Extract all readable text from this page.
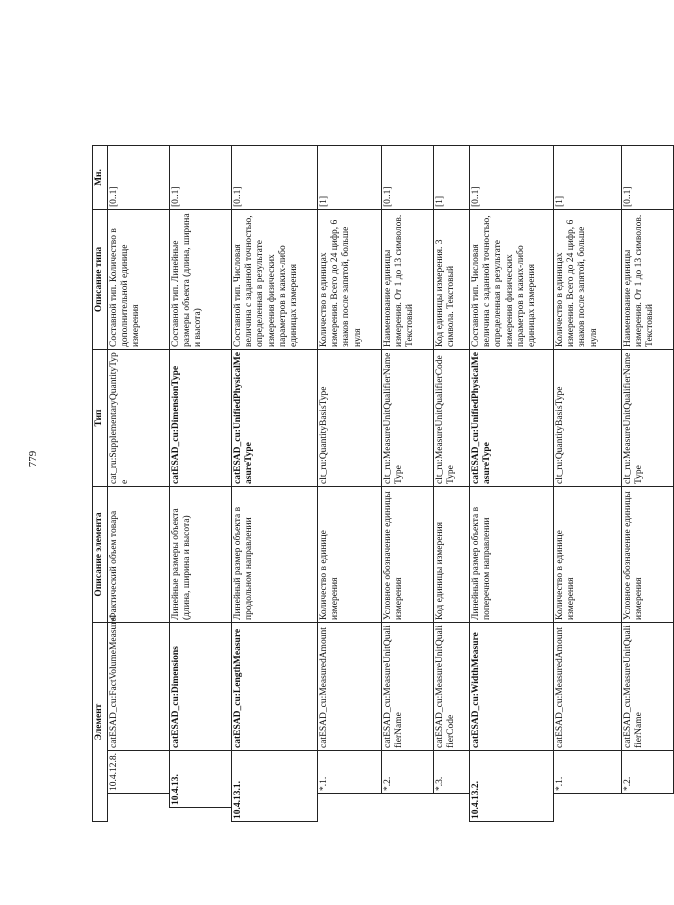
779
Элемент				Описание элемента	Тип	Описание типа	Мн.	
		10.4.12.8.	catESAD_cu:FactVolumeMeasure	Фактический объем товара	cat_ru:SupplementaryQuantityType	Составной тип. Количество в дополнительной единице измерения	[0..1]	
	10.4.13.		catESAD_cu:Dimensions	Линейные размеры объекта (длина, ширина и высота)	catESAD_cu:DimensionType	Составной тип. Линейные размеры объекта (длина, ширина и высота)	[0..1]	
10.4.13.1.			catESAD_cu:LengthMeasure	Линейный размер объекта в продольном направлении	catESAD_cu:UnifiedPhysicalMeasureType	Составной тип. Числовая величина с заданной точностью, определенная в результате измерения физических параметров в каких-либо единицах измерения	[0..1]	
		*.1.	catESAD_cu:MeasuredAmount	Количество в единице измерения	clt_ru:QuantityBasisType	Количество в единицах измерения. Всего до 24 цифр, 6 знаков после запятой, больше нуля	[1]	
		*.2.	catESAD_cu:MeasureUnitQualifierName	Условное обозначение единицы измерения	clt_ru:MeasureUnitQualifierNameType	Наименование единицы измерения. От 1 до 13 символов. Текстовый	[0..1]	
		*.3.	catESAD_cu:MeasureUnitQualifierCode	Код единицы измерения	clt_ru:MeasureUnitQualifierCodeType	Код единицы измерения. 3 символа. Текстовый	[1]	
10.4.13.2.			catESAD_cu:WidthMeasure	Линейный размер объекта в поперечном направлении	catESAD_cu:UnifiedPhysicalMeasureType	Составной тип. Числовая величина с заданной точностью, определенная в результате измерения физических параметров в каких-либо единицах измерения	[0..1]	
		*.1.	catESAD_cu:MeasuredAmount	Количество в единице измерения	clt_ru:QuantityBasisType	Количество в единицах измерения. Всего до 24 цифр, 6 знаков после запятой, больше нуля	[1]	
		*.2.	catESAD_cu:MeasureUnitQualifierName	Условное обозначение единицы измерения	clt_ru:MeasureUnitQualifierNameType	Наименование единицы измерения. От 1 до 13 символов. Текстовый	[0..1]	
